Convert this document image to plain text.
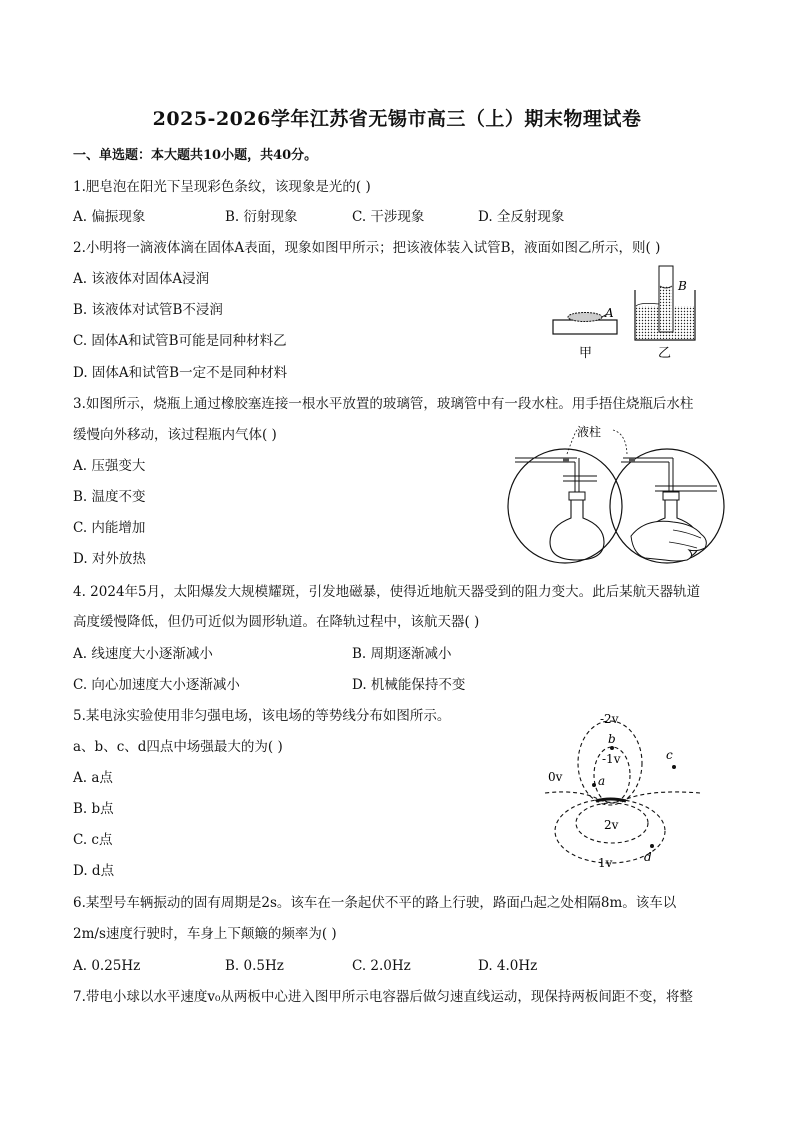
2025-2026学年江苏省无锡市高三（上）期末物理试卷
一、单选题：本大题共10小题，共40分。
1.肥皂泡在阳光下呈现彩色条纹，该现象是光的( )
A. 偏振现象	B. 衍射现象	C. 干涉现象	D. 全反射现象
2.小明将一滴液体滴在固体A表面，现象如图甲所示；把该液体装入试管B，液面如图乙所示，则( )
A. 该液体对固体A浸润
B. 该液体对试管B不浸润
C. 固体A和试管B可能是同种材料乙
D. 固体A和试管B一定不是同种材料
A
甲
B
乙
3.如图所示，烧瓶上通过橡胶塞连接一根水平放置的玻璃管，玻璃管中有一段水柱。用手捂住烧瓶后水柱
缓慢向外移动，该过程瓶内气体( )
A. 压强变大
B. 温度不变
C. 内能增加
D. 对外放热
液柱
4. 2024年5月，太阳爆发大规模耀斑，引发地磁暴，使得近地航天器受到的阻力变大。此后某航天器轨道
高度缓慢降低，但仍可近似为圆形轨道。在降轨过程中，该航天器( )
A. 线速度大小逐渐减小	B. 周期逐渐减小
C. 向心加速度大小逐渐减小	D. 机械能保持不变
5.某电泳实验使用非匀强电场，该电场的等势线分布如图所示。
a、b、c、d四点中场强最大的为( )
A. a点
B. b点
C. c点
D. d点
-2v
-1v
0v
2v
1v
b
a
c
d
6.某型号车辆振动的固有周期是2s。该车在一条起伏不平的路上行驶，路面凸起之处相隔8m。该车以
2m/s速度行驶时，车身上下颠簸的频率为( )
A. 0.25Hz	B. 0.5Hz	C. 2.0Hz	D. 4.0Hz
7.带电小球以水平速度v₀从两板中心进入图甲所示电容器后做匀速直线运动，现保持两板间距不变，将整
